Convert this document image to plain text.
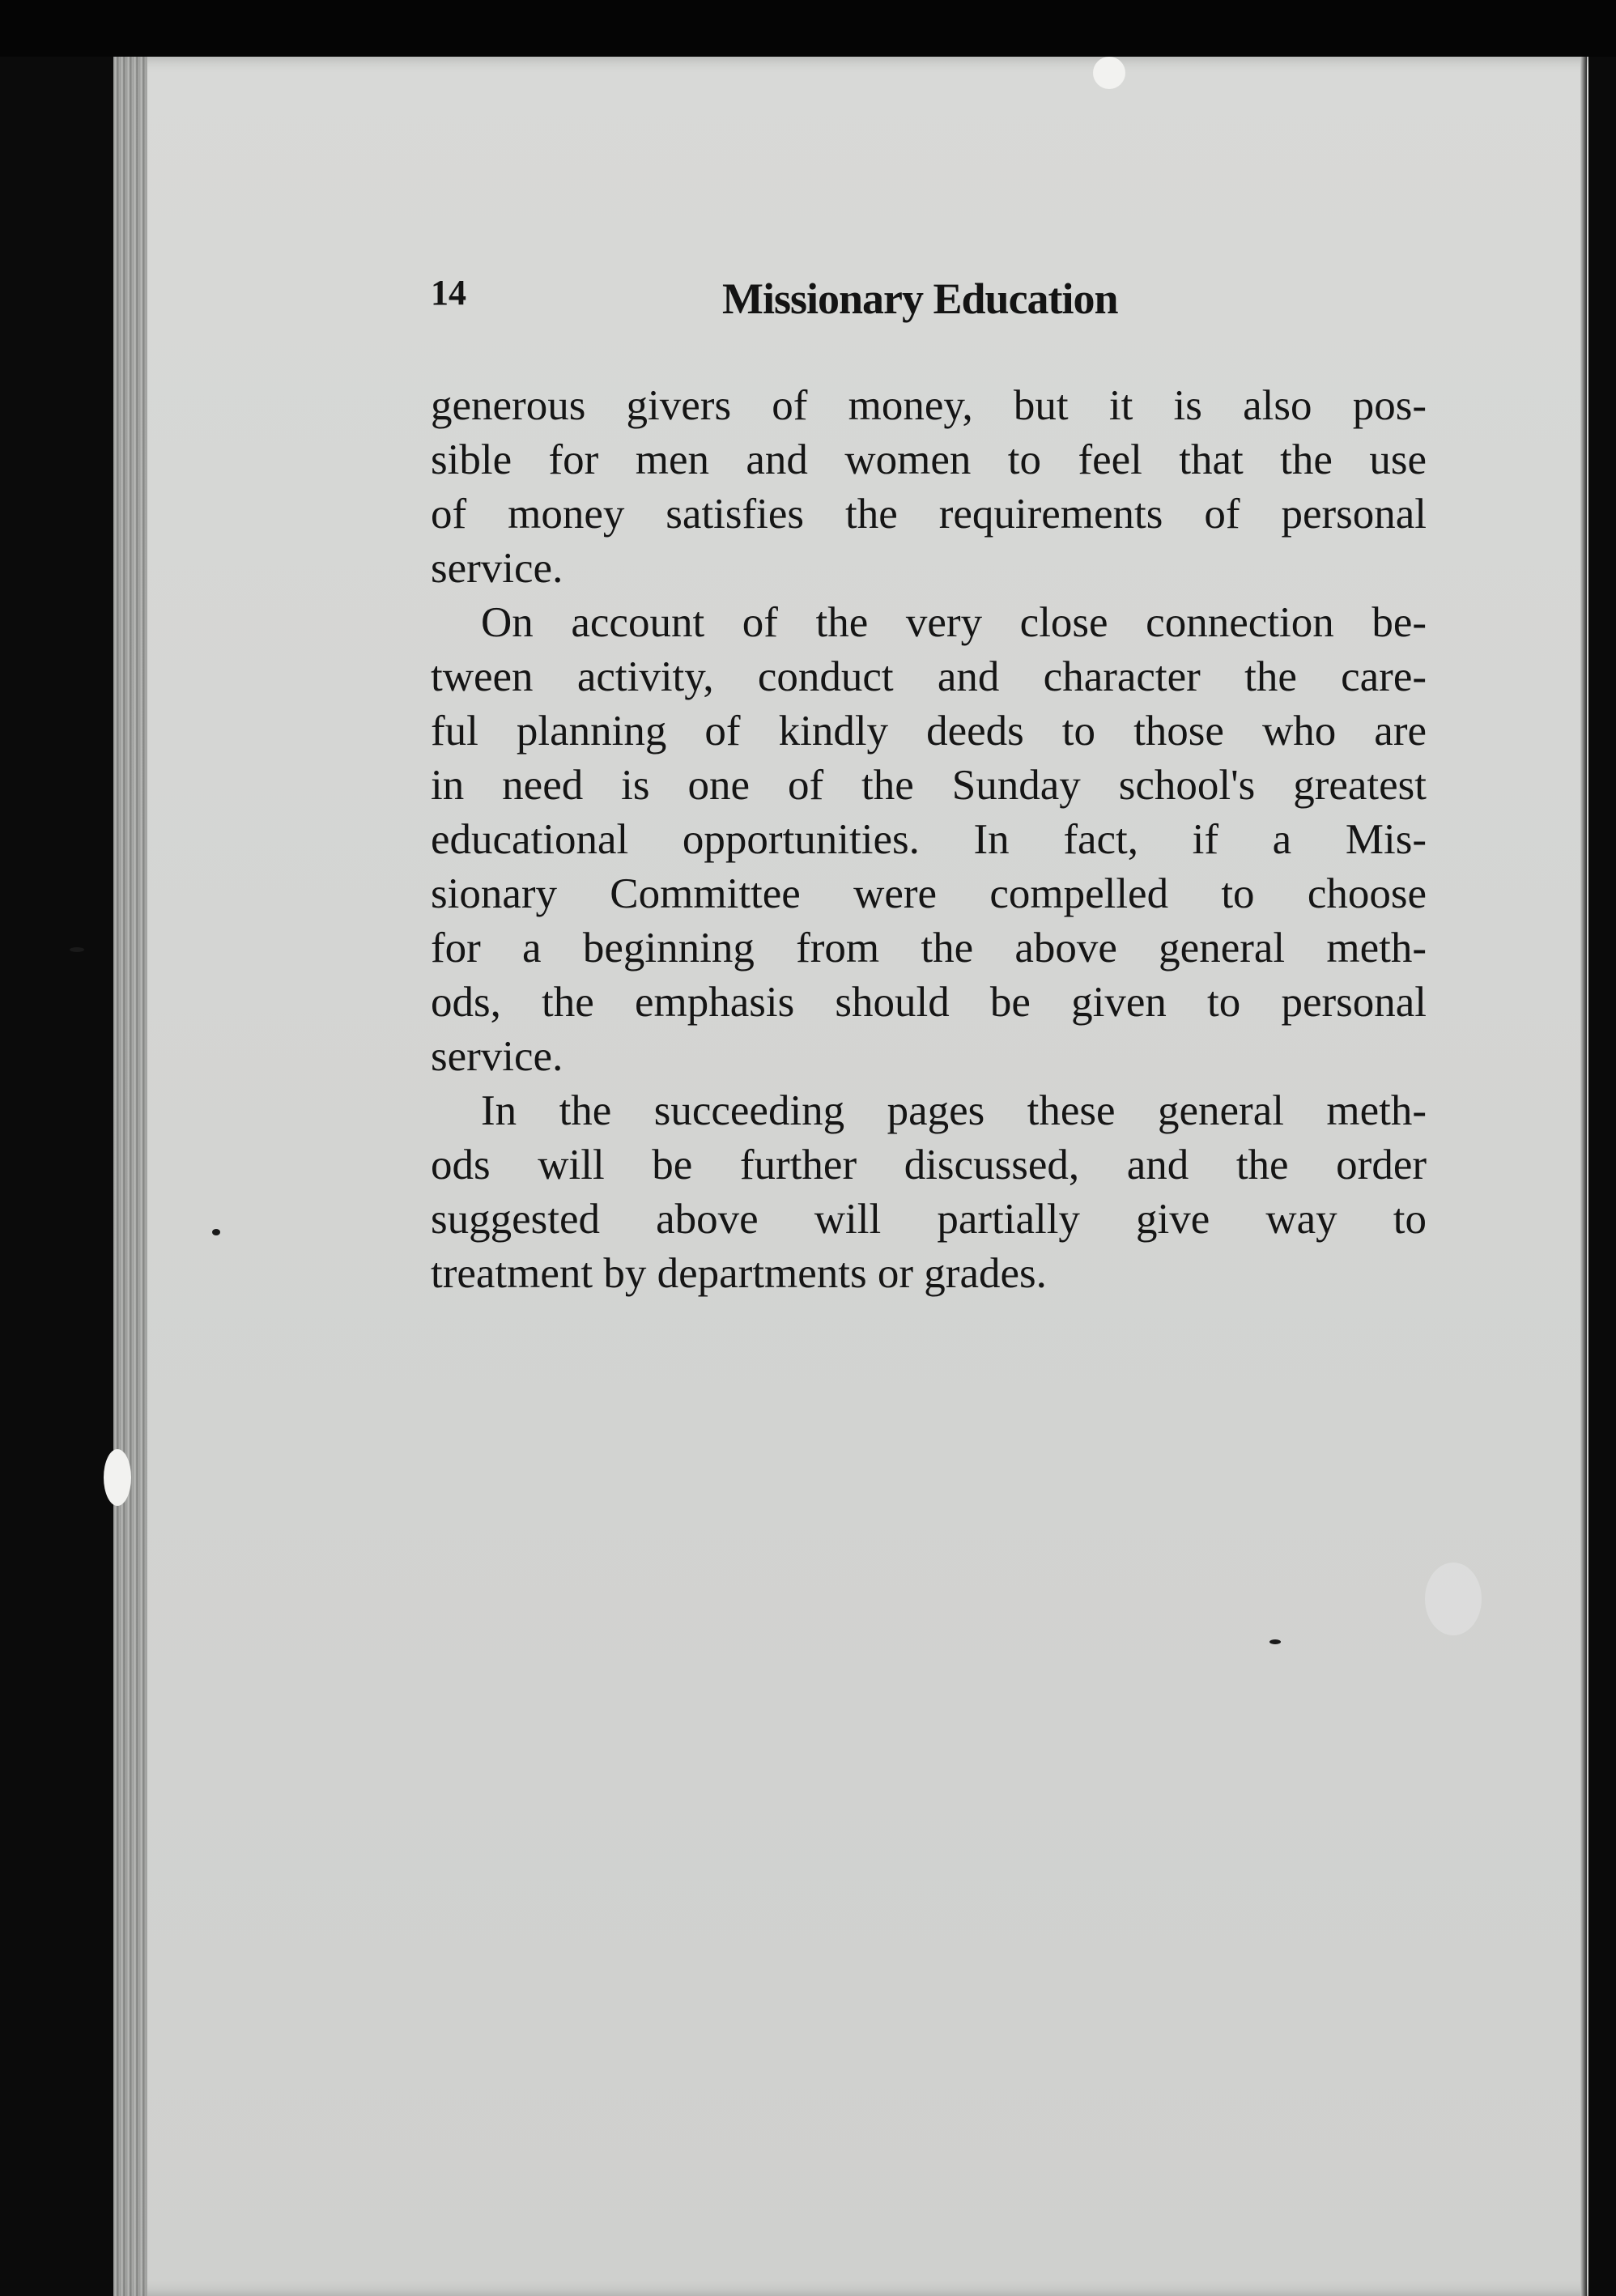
14	Missionary Education
generous givers of money, but it is also pos-
sible for men and women to feel that the use
of money satisfies the requirements of personal
service.
On account of the very close connection be-
tween activity, conduct and character the care-
ful planning of kindly deeds to those who are
in need is one of the Sunday school's greatest
educational opportunities. In fact, if a Mis-
sionary Committee were compelled to choose
for a beginning from the above general meth-
ods, the emphasis should be given to personal
service.
In the succeeding pages these general meth-
ods will be further discussed, and the order
suggested above will partially give way to
treatment by departments or grades.
